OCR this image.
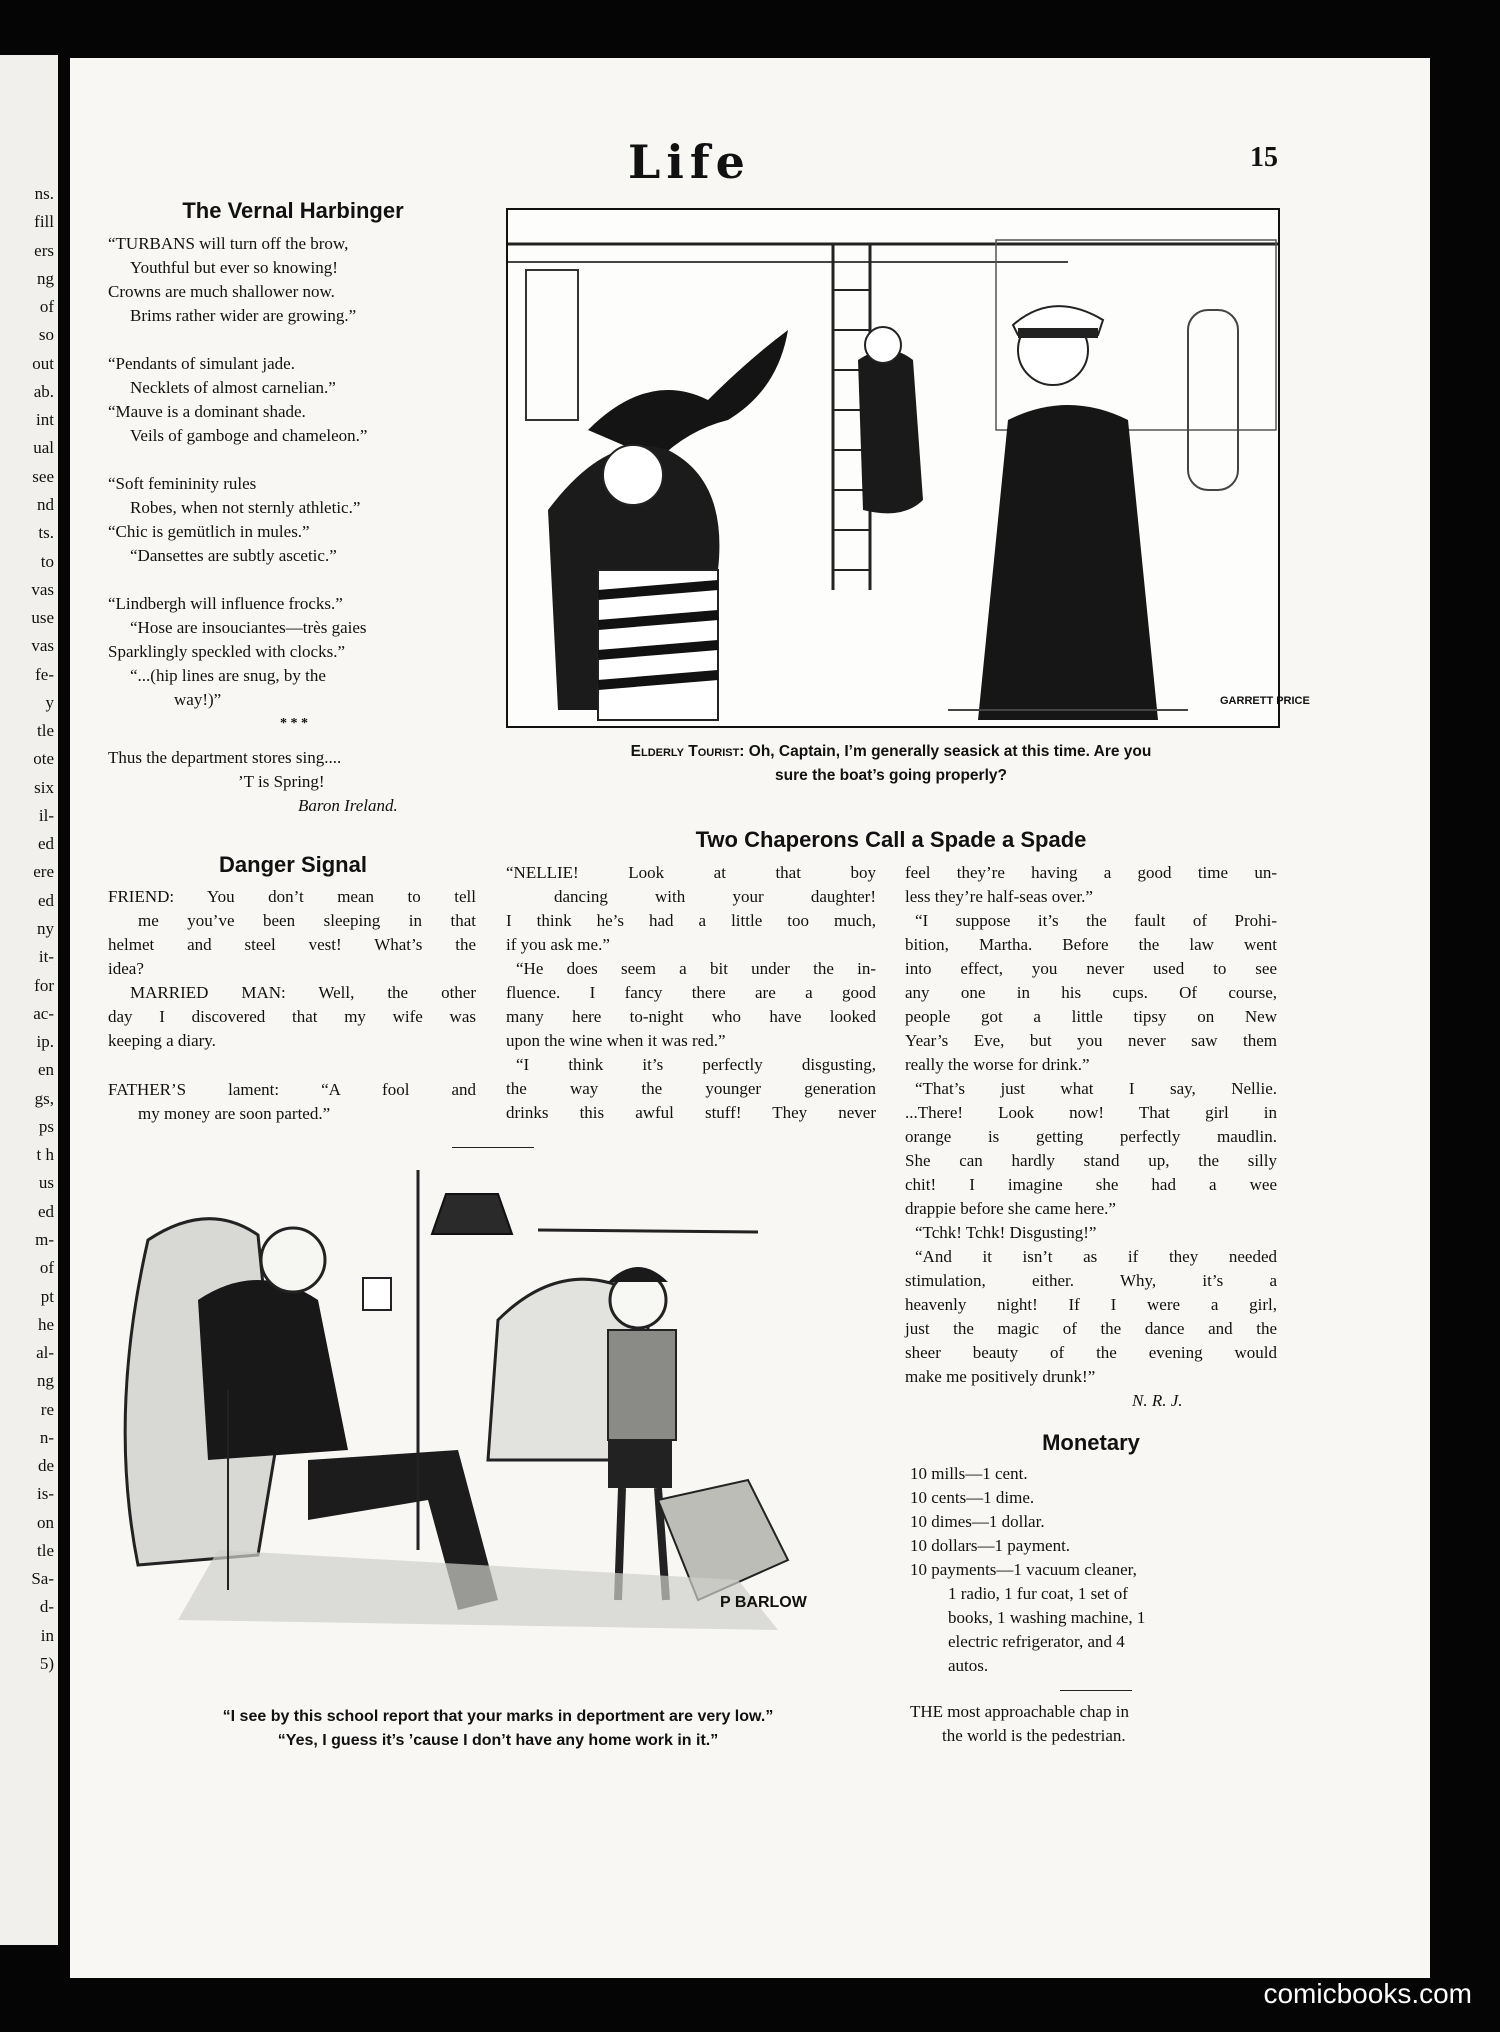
ns.
fill
ers
ng
of
so
out
ab.
int
ual
see
nd
ts.
to
vas
use
vas
fe-
y
tle
ote
six
il-
ed
ere
ed
ny
it-
for
ac-
ip.
en
gs,
ps
t h
us
ed
m-
of
pt
he
al-
ng
re
n-
de
is-
on
tle
Sa-
d-
in
5)
Life	15
The Vernal Harbinger
“TURBANS will turn off the brow,
Youthful but ever so knowing!
Crowns are much shallower now.
Brims rather wider are growing.”
“Pendants of simulant jade.
Necklets of almost carnelian.”
“Mauve is a dominant shade.
Veils of gamboge and chameleon.”
“Soft femininity rules
Robes, when not sternly athletic.”
“Chic is gemütlich in mules.”
“Dansettes are subtly ascetic.”
“Lindbergh will influence frocks.”
“Hose are insouciantes—très gaies
Sparklingly speckled with clocks.”
“...(hip lines are snug, by the
way!)”
* * *
Thus the department stores sing....
’T is Spring!
Baron Ireland.
GARRETT PRICE
Elderly Tourist: Oh, Captain, I’m generally seasick at this time. Are you
sure the boat’s going properly?
Danger Signal
FRIEND: You don’t mean to tell
me you’ve been sleeping in that
helmet and steel vest! What’s the
idea?
MARRIED MAN: Well, the other
day I discovered that my wife was
keeping a diary.
FATHER’S lament: “A fool and
my money are soon parted.”
Two Chaperons Call a Spade a Spade
“NELLIE! Look at that boy
dancing with your daughter!
I think he’s had a little too much,
if you ask me.”
“He does seem a bit under the in-
fluence. I fancy there are a good
many here to-night who have looked
upon the wine when it was red.”
“I think it’s perfectly disgusting,
the way the younger generation
drinks this awful stuff! They never
feel they’re having a good time un-
less they’re half-seas over.”
“I suppose it’s the fault of Prohi-
bition, Martha. Before the law went
into effect, you never used to see
any one in his cups. Of course,
people got a little tipsy on New
Year’s Eve, but you never saw them
really the worse for drink.”
“That’s just what I say, Nellie.
...There! Look now! That girl in
orange is getting perfectly maudlin.
She can hardly stand up, the silly
chit! I imagine she had a wee
drappie before she came here.”
“Tchk! Tchk! Disgusting!”
“And it isn’t as if they needed
stimulation, either. Why, it’s a
heavenly night! If I were a girl,
just the magic of the dance and the
sheer beauty of the evening would
make me positively drunk!”
N. R. J.
P BARLOW
“I see by this school report that your marks in deportment are very low.”
“Yes, I guess it’s ’cause I don’t have any home work in it.”
Monetary
10 mills—1 cent.
10 cents—1 dime.
10 dimes—1 dollar.
10 dollars—1 payment.
10 payments—1 vacuum cleaner,
1 radio, 1 fur coat, 1 set of
books, 1 washing machine, 1
electric refrigerator, and 4
autos.
THE most approachable chap in
the world is the pedestrian.
comicbooks.com
